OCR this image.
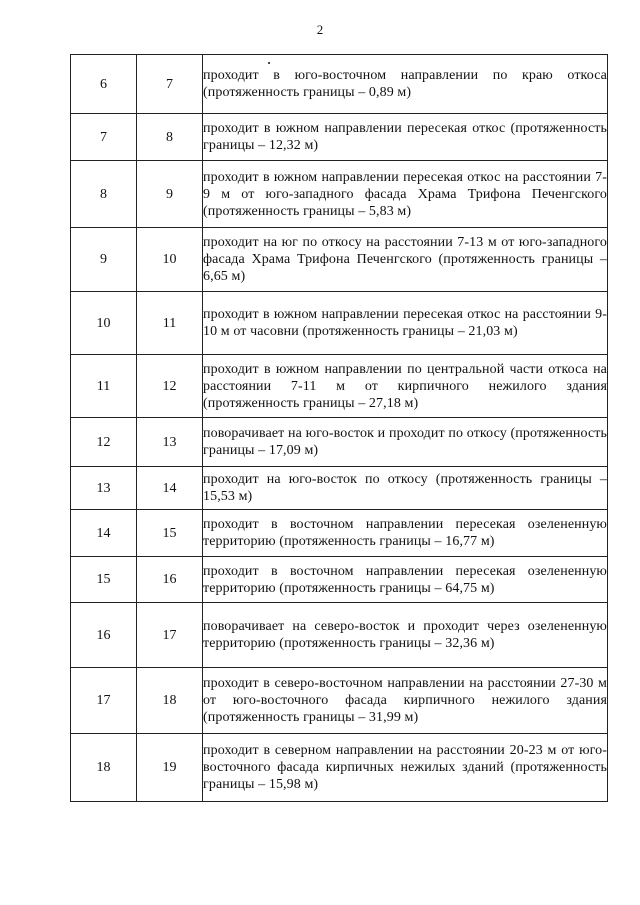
2
6	7	проходит в юго-восточном направлении по краю откоса (протяженность границы – 0,89 м)
7	8	проходит в южном направлении пересекая откос (протяженность границы – 12,32 м)
8	9	проходит в южном направлении пересекая откос на расстоянии 7-9 м от юго-западного фасада Храма Трифона Печенгского (протяженность границы – 5,83 м)
9	10	проходит на юг по откосу на расстоянии 7-13 м от юго-западного фасада Храма Трифона Печенгского (протяженность границы – 6,65 м)
10	11	проходит в южном направлении пересекая откос на расстоянии 9-10 м от часовни (протяженность границы – 21,03 м)
11	12	проходит в южном направлении по центральной части откоса на расстоянии 7-11 м от кирпичного нежилого здания (протяженность границы – 27,18 м)
12	13	поворачивает на юго-восток и проходит по откосу (протяженность границы – 17,09 м)
13	14	проходит на юго-восток по откосу (протяженность границы – 15,53 м)
14	15	проходит в восточном направлении пересекая озелененную территорию (протяженность границы – 16,77 м)
15	16	проходит в восточном направлении пересекая озелененную территорию (протяженность границы – 64,75 м)
16	17	поворачивает на северо-восток и проходит через озелененную территорию (протяженность границы – 32,36 м)
17	18	проходит в северо-восточном направлении на расстоянии 27-30 м от юго-восточного фасада кирпичного нежилого здания (протяженность границы – 31,99 м)
18	19	проходит в северном направлении на расстоянии 20-23 м от юго-восточного фасада кирпичных нежилых зданий (протяженность границы – 15,98 м)
